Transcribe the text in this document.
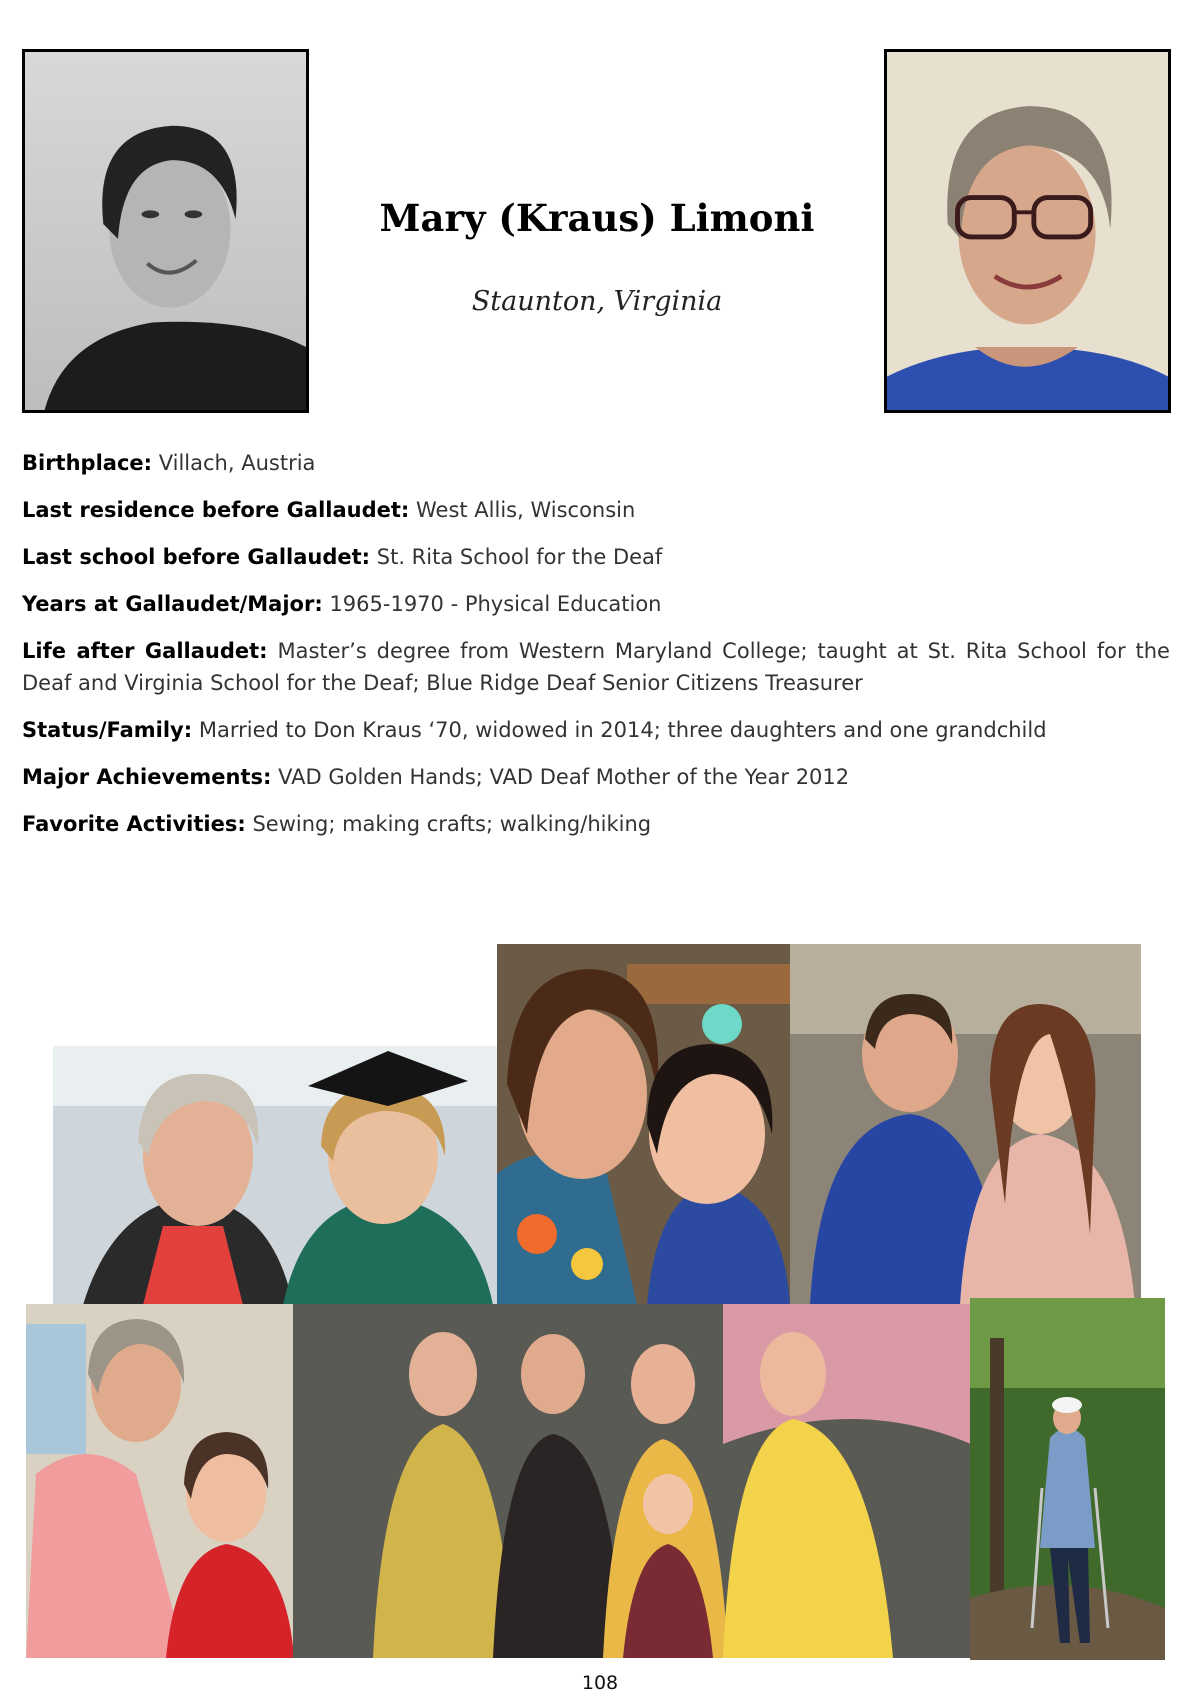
Mary (Kraus) Limoni

Staunton, Virginia

Birthplace: Villach, Austria

Last residence before Gallaudet: West Allis, Wisconsin

Last school before Gallaudet: St. Rita School for the Deaf

Years at Gallaudet/Major: 1965-1970 - Physical Education

Life after Gallaudet: Master’s degree from Western Maryland College; taught at St. Rita School for the Deaf and Virginia School for the Deaf; Blue Ridge Deaf Senior Citizens Treasurer

Status/Family: Married to Don Kraus ‘70, widowed in 2014; three daughters and one grandchild

Major Achievements: VAD Golden Hands; VAD Deaf Mother of the Year 2012

Favorite Activities: Sewing; making crafts; walking/hiking

108
